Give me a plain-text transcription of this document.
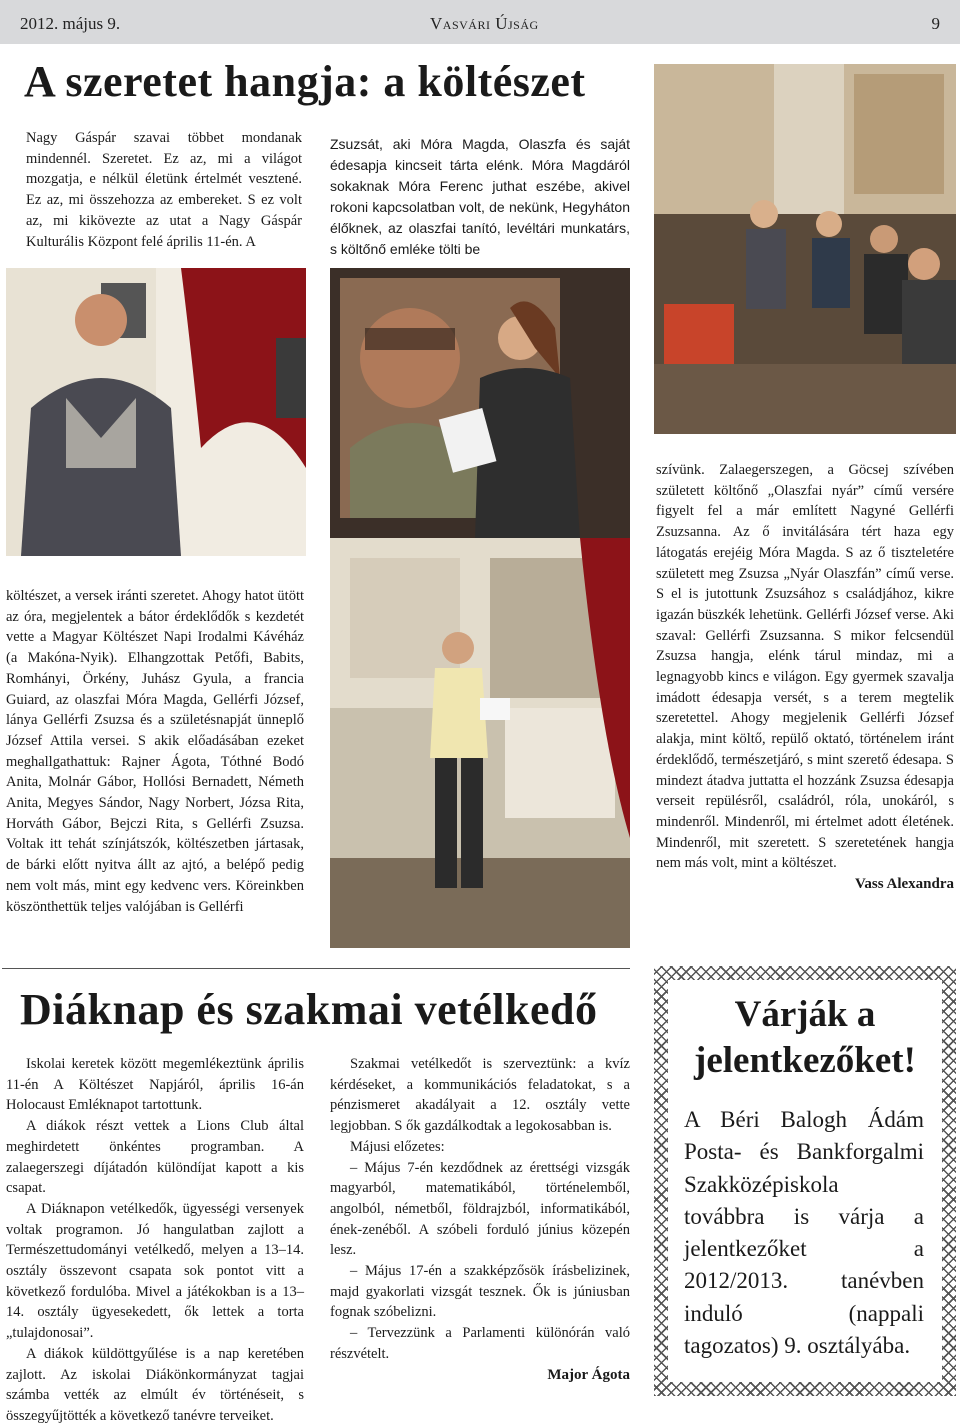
2012. május 9.	Vasvári Újság	9
A szeretet hangja: a költészet

Nagy Gáspár szavai többet mondanak mindennél. Szeretet. Ez az, mi a világot mozgatja, e nélkül életünk értelmét vesztené. Ez az, mi összehozza az embereket. S ez volt az, mi kikövezte az utat a Nagy Gáspár Kulturális Központ felé április 11-én. A

Zsuzsát, aki Móra Magda, Olaszfa és saját édesapja kincseit tárta elénk. Móra Magdáról sokaknak Móra Ferenc juthat eszébe, akivel rokoni kapcsolatban volt, de nekünk, Hegyháton élőknek, az olaszfai tanító, levéltári munkatárs, s költőnő emléke tölti be

költészet, a versek iránti szeretet. Ahogy hatot ütött az óra, megjelentek a bátor érdeklődők s kezdetét vette a Magyar Költészet Napi Irodalmi Kávéház (a Makóna-Nyik). Elhangzottak Petőfi, Babits, Romhányi, Örkény, Juhász Gyula, a francia Guiard, az olaszfai Móra Magda, Gellérfi József, lánya Gellérfi Zsuzsa és a születésnapját ünneplő József Attila versei. S akik előadásában ezeket meghallgathattuk: Rajner Ágota, Tóthné Bodó Anita, Molnár Gábor, Hollósi Bernadett, Németh Anita, Megyes Sándor, Nagy Norbert, Józsa Rita, Horváth Gábor, Bejczi Rita, s Gellérfi Zsuzsa. Voltak itt tehát színjátszók, költészetben jártasak, de bárki előtt nyitva állt az ajtó, a belépő pedig nem volt más, mint egy kedvenc vers. Köreinkben köszönthettük teljes valójában is Gellérfi

szívünk. Zalaegerszegen, a Göcsej szívében született költőnő „Olaszfai nyár” című versére figyelt fel a már említett Nagyné Gellérfi Zsuzsanna. Az ő invitálására tért haza egy látogatás erejéig Móra Magda. S az ő tiszteletére született meg Zsuzsa „Nyár Olaszfán” című verse. S el is jutottunk Zsuzsához s családjához, kikre igazán büszkék lehetünk. Gellérfi József verse. Aki szaval: Gellérfi Zsuzsanna. S mikor felcsendül Zsuzsa hangja, elénk tárul mindaz, mi a legnagyobb kincs e világon. Egy gyermek szavalja imádott édesapja versét, s a terem megtelik szeretettel. Ahogy megjelenik Gellérfi József alakja, mint költő, repülő oktató, történelem iránt érdeklődő, természetjáró, s mint szerető édesapa. S mindezt átadva juttatta el hozzánk Zsuzsa édesapja verseit repülésről, családról, róla, unokáról, s mindenről. Mindenről, mi értelmet adott életének. Mindenről, mit szeretett. S szeretetének hangja nem más volt, mint a költészet.

Vass Alexandra

Diáknap és szakmai vetélkedő

Iskolai keretek között megemlékeztünk április 11-én A Költészet Napjáról, április 16-án Holocaust Emléknapot tartottunk.

A diákok részt vettek a Lions Club által meghirdetett önkéntes programban. A zalaegerszegi díjátadón különdíjat kapott a kis csapat.

A Diáknapon vetélkedők, ügyességi versenyek voltak programon. Jó hangulatban zajlott a Természettudományi vetélkedő, melyen a 13–14. osztály összevont csapata sok pontot vitt a következő fordulóba. Mivel a játékokban is a 13–14. osztály ügyesekedett, ők lettek a torta „tulajdonosai”.

A diákok küldöttgyűlése is a nap keretében zajlott. Az iskolai Diákönkormányzat tagjai számba vették az elmúlt év történéseit, s összegyűjtötték a következő tanévre terveiket.

Szakmai vetélkedőt is szerveztünk: a kvíz kérdéseket, a kommunikációs feladatokat, s a pénzismeret akadályait a 12. osztály vette legjobban. S ők gazdálkodtak a legokosabban is.

Májusi előzetes:

– Május 7-én kezdődnek az érettségi vizsgák magyarból, matematikából, történelemből, angolból, németből, földrajzból, informatikából, ének-zenéből. A szóbeli forduló június közepén lesz.

– Május 17-én a szakképzősök írásbelizinek, majd gyakorlati vizsgát tesznek. Ők is júniusban fognak szóbelizni.

– Tervezzünk a Parlamenti különórán való részvételt.

Major Ágota

Várják a jelentkezőket!

A Béri Balogh Ádám Posta- és Bankforgalmi Szakközépiskola továbbra is várja a jelentkezőket a 2012/2013. tanévben induló (nappali tagozatos) 9. osztályába.
